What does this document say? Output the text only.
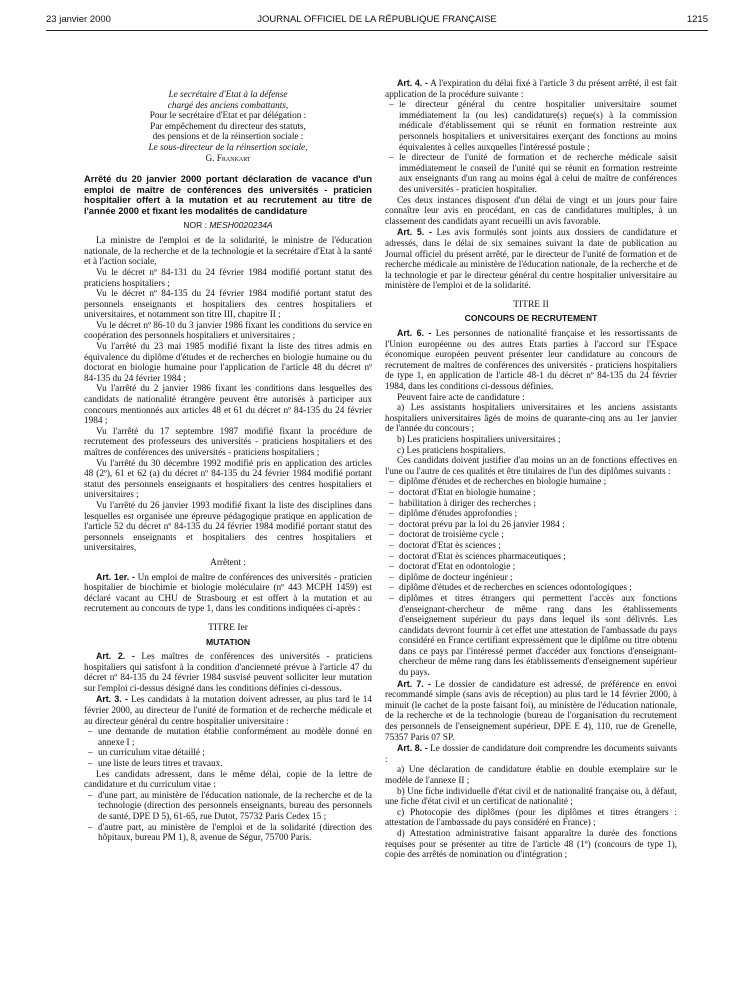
23 janvier 2000	JOURNAL OFFICIEL DE LA RÉPUBLIQUE FRANÇAISE	1215

Le secrétaire d'Etat à la défense

chargé des anciens combattants,

Pour le secrétaire d'Etat et par délégation :

Par empêchement du directeur des statuts,

des pensions et de la réinsertion sociale :

Le sous-directeur de la réinsertion sociale,

G. Frankart

Arrêté du 20 janvier 2000 portant déclaration de vacance d'un emploi de maître de conférences des universités - praticien hospitalier offert à la mutation et au recrutement au titre de l'année 2000 et fixant les modalités de candidature
NOR : MESH0020234A

La ministre de l'emploi et de la solidarité, le ministre de l'éducation nationale, de la recherche et de la technologie et la secrétaire d'Etat à la santé et à l'action sociale,

Vu le décret nº 84-131 du 24 février 1984 modifié portant statut des praticiens hospitaliers ;

Vu le décret nº 84-135 du 24 février 1984 modifié portant statut des personnels enseignants et hospitaliers des centres hospitaliers et universitaires, et notamment son titre III, chapitre II ;

Vu le décret nº 86-10 du 3 janvier 1986 fixant les conditions du service en coopération des personnels hospitaliers et universitaires ;

Vu l'arrêté du 23 mai 1985 modifié fixant la liste des titres admis en équivalence du diplôme d'études et de recherches en biologie humaine ou du doctorat en biologie humaine pour l'application de l'article 48 du décret nº 84-135 du 24 février 1984 ;

Vu l'arrêté du 2 janvier 1986 fixant les conditions dans lesquelles des candidats de nationalité étrangère peuvent être autorisés à participer aux concours mentionnés aux articles 48 et 61 du décret nº 84-135 du 24 février 1984 ;

Vu l'arrêté du 17 septembre 1987 modifié fixant la procédure de recrutement des professeurs des universités - praticiens hospitaliers et des maîtres de conférences des universités - praticiens hospitaliers ;

Vu l'arrêté du 30 décembre 1992 modifié pris en application des articles 48 (2º), 61 et 62 (a) du décret nº 84-135 du 24 février 1984 modifié portant statut des personnels enseignants et hospitaliers des centres hospitaliers et universitaires ;

Vu l'arrêté du 26 janvier 1993 modifié fixant la liste des disciplines dans lesquelles est organisée une épreuve pédagogique pratique en application de l'article 52 du décret nº 84-135 du 24 février 1984 modifié portant statut des personnels enseignants et hospitaliers des centres hospitaliers et universitaires,

Arrêtent :

Art. 1er. - Un emploi de maître de conférences des universités - praticien hospitalier de biochimie et biologie moléculaire (nº 443 MCPH 1459) est déclaré vacant au CHU de Strasbourg et est offert à la mutation et au recrutement au concours de type 1, dans les conditions indiquées ci-après :

TITRE Ier

MUTATION

Art. 2. - Les maîtres de conférences des universités - praticiens hospitaliers qui satisfont à la condition d'ancienneté prévue à l'article 47 du décret nº 84-135 du 24 février 1984 susvisé peuvent solliciter leur mutation sur l'emploi ci-dessus désigné dans les conditions définies ci-dessous.

Art. 3. - Les candidats à la mutation doivent adresser, au plus tard le 14 février 2000, au directeur de l'unité de formation et de recherche médicale et au directeur général du centre hospitalier universitaire :

– une demande de mutation établie conformément au modèle donné en annexe I ;
– un curriculum vitae détaillé ;
– une liste de leurs titres et travaux.

Les candidats adressent, dans le même délai, copie de la lettre de candidature et du curriculum vitae :

– d'une part, au ministère de l'éducation nationale, de la recherche et de la technologie (direction des personnels enseignants, bureau des personnels de santé, DPE D 5), 61-65, rue Dutot, 75732 Paris Cedex 15 ;
– d'autre part, au ministère de l'emploi et de la solidarité (direction des hôpitaux, bureau PM 1), 8, avenue de Ségur, 75700 Paris.

Art. 4. - A l'expiration du délai fixé à l'article 3 du présent arrêté, il est fait application de la procédure suivante :

– le directeur général du centre hospitalier universitaire soumet immédiatement la (ou les) candidature(s) reçue(s) à la commission médicale d'établissement qui se réunit en formation restreinte aux personnels hospitaliers et universitaires exerçant des fonctions au moins équivalentes à celles auxquelles l'intéressé postule ;
– le directeur de l'unité de formation et de recherche médicale saisit immédiatement le conseil de l'unité qui se réunit en formation restreinte aux enseignants d'un rang au moins égal à celui de maître de conférences des universités - praticien hospitalier.

Ces deux instances disposent d'un délai de vingt et un jours pour faire connaître leur avis en procédant, en cas de candidatures multiples, à un classement des candidats ayant recueilli un avis favorable.

Art. 5. - Les avis formulés sont joints aux dossiers de candidature et adressés, dans le délai de six semaines suivant la date de publication au Journal officiel du présent arrêté, par le directeur de l'unité de formation et de recherche médicale au ministère de l'éducation nationale, de la recherche et de la technologie et par le directeur général du centre hospitalier universitaire au ministère de l'emploi et de la solidarité.

TITRE II

CONCOURS DE RECRUTEMENT

Art. 6. - Les personnes de nationalité française et les ressortissants de l'Union européenne ou des autres Etats parties à l'accord sur l'Espace économique européen peuvent présenter leur candidature au concours de recrutement de maîtres de conférences des universités - praticiens hospitaliers de type 1, en application de l'article 48-1 du décret nº 84-135 du 24 février 1984, dans les conditions ci-dessous définies.

Peuvent faire acte de candidature :

a) Les assistants hospitaliers universitaires et les anciens assistants hospitaliers universitaires âgés de moins de quarante-cinq ans au 1er janvier de l'année du concours ;

b) Les praticiens hospitaliers universitaires ;

c) Les praticiens hospitaliers.

Ces candidats doivent justifier d'au moins un an de fonctions effectives en l'une ou l'autre de ces qualités et être titulaires de l'un des diplômes suivants :

– diplôme d'études et de recherches en biologie humaine ;
– doctorat d'Etat en biologie humaine ;
– habilitation à diriger des recherches ;
– diplôme d'études approfondies ;
– doctorat prévu par la loi du 26 janvier 1984 ;
– doctorat de troisième cycle ;
– doctorat d'Etat ès sciences ;
– doctorat d'Etat ès sciences pharmaceutiques ;
– doctorat d'Etat en odontologie ;
– diplôme de docteur ingénieur ;
– diplôme d'études et de recherches en sciences odontologiques ;
– diplômes et titres étrangers qui permettent l'accès aux fonctions d'enseignant-chercheur de même rang dans les établissements d'enseignement supérieur du pays dans lequel ils sont délivrés. Les candidats devront fournir à cet effet une attestation de l'ambassade du pays considéré en France certifiant expressément que le diplôme ou titre obtenu dans ce pays par l'intéressé permet d'accéder aux fonctions d'enseignant-chercheur de même rang dans les établissements d'enseignement supérieur du pays.

Art. 7. - Le dossier de candidature est adressé, de préférence en envoi recommandé simple (sans avis de réception) au plus tard le 14 février 2000, à minuit (le cachet de la poste faisant foi), au ministère de l'éducation nationale, de la recherche et de la technologie (bureau de l'organisation du recrutement des personnels de l'enseignement supérieur, DPE E 4), 110, rue de Grenelle, 75357 Paris 07 SP.

Art. 8. - Le dossier de candidature doit comprendre les documents suivants :

a) Une déclaration de candidature établie en double exemplaire sur le modèle de l'annexe II ;

b) Une fiche individuelle d'état civil et de nationalité française ou, à défaut, une fiche d'état civil et un certificat de nationalité ;

c) Photocopie des diplômes (pour les diplômes et titres étrangers : attestation de l'ambassade du pays considéré en France) ;

d) Attestation administrative faisant apparaître la durée des fonctions requises pour se présenter au titre de l'article 48 (1º) (concours de type 1), copie des arrêtés de nomination ou d'intégration ;
